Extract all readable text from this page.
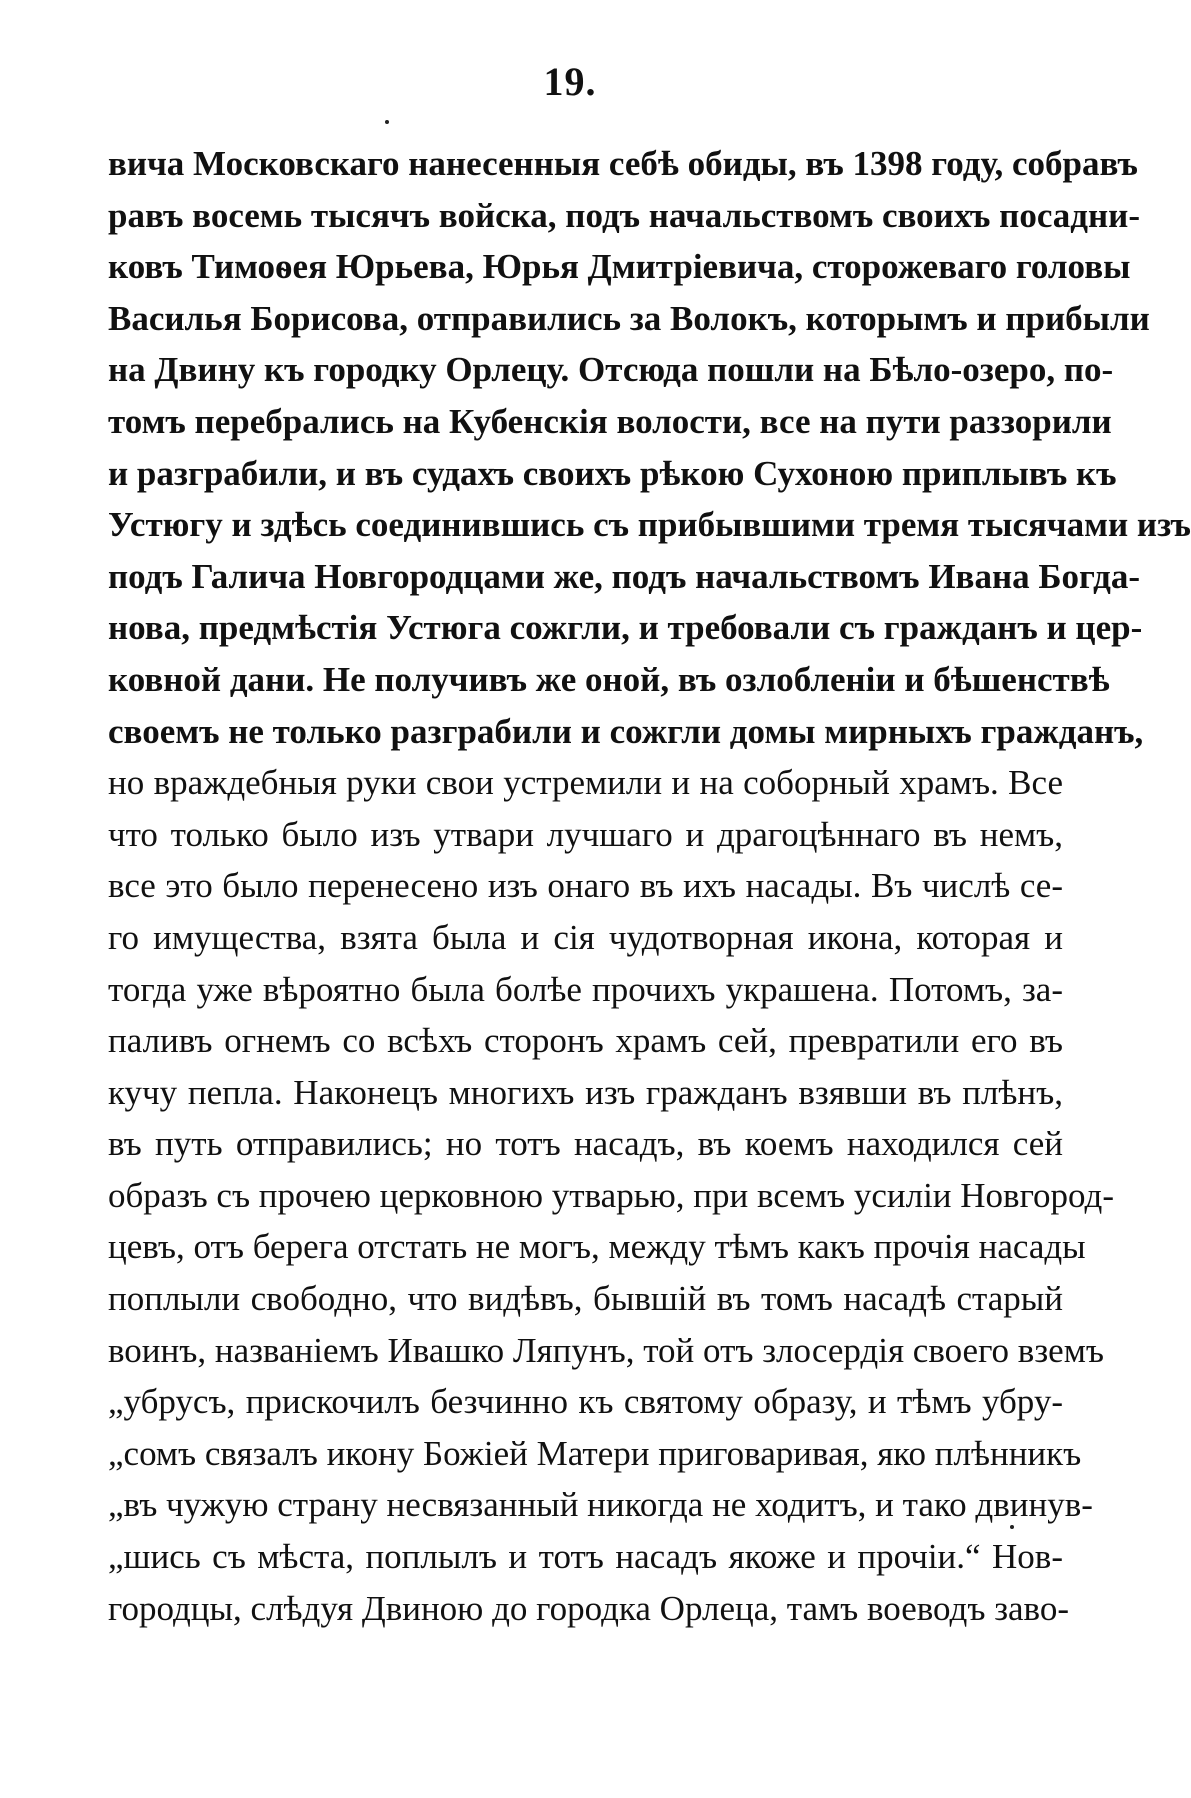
19.
вича Московскаго нанесенныя себѣ обиды, въ 1398 году, собравъ
равъ восемь тысячъ войска, подъ начальствомъ своихъ посадни-
ковъ Тимоѳея Юрьева, Юрья Дмитріевича, сторожеваго головы
Василья Борисова, отправились за Волокъ, которымъ и прибыли
на Двину къ городку Орлецу. Отсюда пошли на Бѣло-озеро, по-
томъ перебрались на Кубенскія волости, все на пути раззорили
и разграбили, и въ судахъ своихъ рѣкою Сухоною приплывъ къ
Устюгу и здѣсь соединившись съ прибывшими тремя тысячами изъ
подъ Галича Новгородцами же, подъ начальствомъ Ивана Богда-
нова, предмѣстія Устюга сожгли, и требовали съ гражданъ и цер-
ковной дани. Не получивъ же оной, въ озлобленіи и бѣшенствѣ
своемъ не только разграбили и сожгли домы мирныхъ гражданъ,
но враждебныя руки свои устремили и на соборный храмъ. Все
что только было изъ утвари лучшаго и драгоцѣннаго въ немъ,
все это было перенесено изъ онаго въ ихъ насады. Въ числѣ се-
го имущества, взята была и сія чудотворная икона, которая и
тогда уже вѣроятно была болѣе прочихъ украшена. Потомъ, за-
паливъ огнемъ со всѣхъ сторонъ храмъ сей, превратили его въ
кучу пепла. Наконецъ многихъ изъ гражданъ взявши въ плѣнъ,
въ путь отправились; но тотъ насадъ, въ коемъ находился сей
образъ съ прочею церковною утварью, при всемъ усиліи Новгород-
цевъ, отъ берега отстать не могъ, между тѣмъ какъ прочія насады
поплыли свободно, что видѣвъ, бывшій въ томъ насадѣ старый
воинъ, названіемъ Ивашко Ляпунъ, той отъ злосердія своего вземъ
„убрусъ, прискочилъ безчинно къ святому образу, и тѣмъ убру-
„сомъ связалъ икону Божіей Матери приговаривая, яко плѣнникъ
„въ чужую страну несвязанный никогда не ходитъ, и тако двинув-
„шись съ мѣста, поплылъ и тотъ насадъ якоже и прочіи.“ Нов-
городцы, слѣдуя Двиною до городка Орлеца, тамъ воеводъ заво-
